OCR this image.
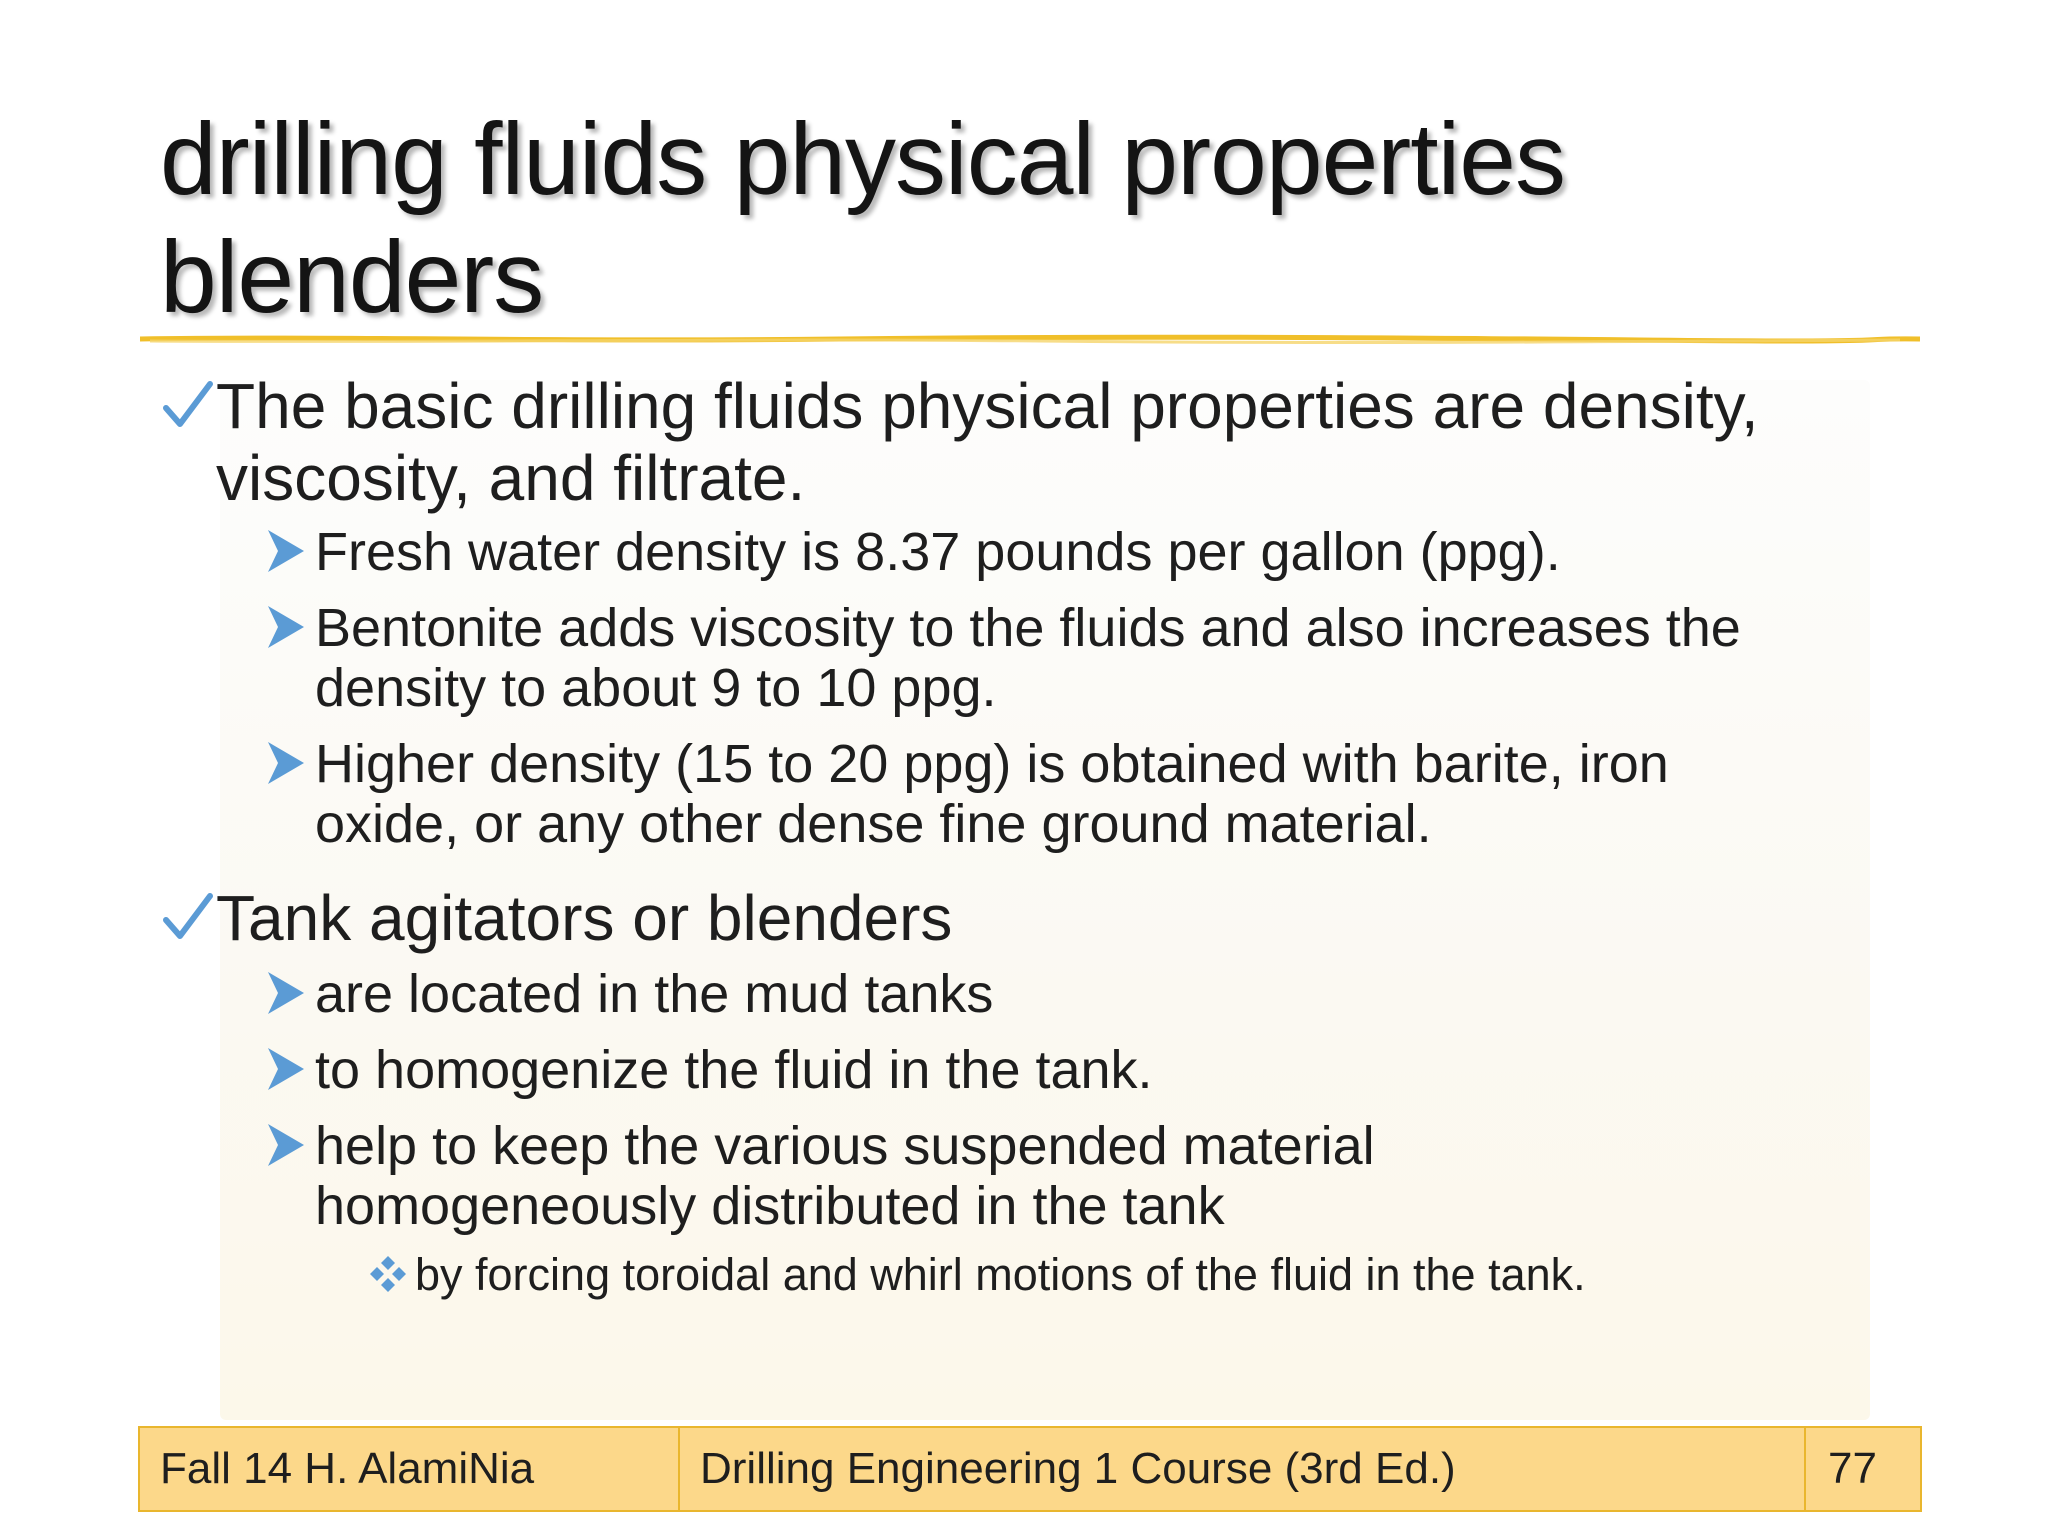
drilling fluids physical properties
blenders
The basic drilling fluids physical properties are density,
viscosity, and filtrate.
Fresh water density is 8.37 pounds per gallon (ppg).
Bentonite adds viscosity to the fluids and also increases the
density to about 9 to 10 ppg.
Higher density (15 to 20 ppg) is obtained with barite, iron
oxide, or any other dense fine ground material.
Tank agitators or blenders
are located in the mud tanks
to homogenize the fluid in the tank.
help to keep the various suspended material
homogeneously distributed in the tank
by forcing toroidal and whirl motions of the fluid in the tank.
Fall 14 H. AlamiNia	Drilling Engineering 1 Course (3rd Ed.)	77
